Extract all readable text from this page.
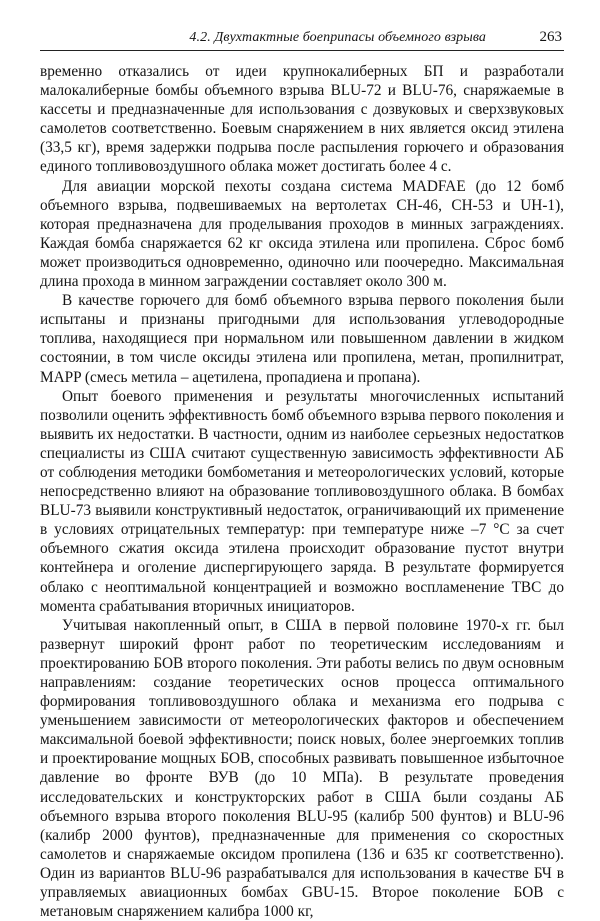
4.2. Двухтактные боеприпасы объемного взрыва	263

временно отказались от идеи крупнокалиберных БП и разработали малокалиберные бомбы объемного взрыва BLU-72 и BLU-76, снаряжаемые в кассеты и предназначенные для использования с дозвуковых и сверхзвуковых самолетов соответственно. Боевым снаряжением в них является оксид этилена (33,5 кг), время задержки подрыва после распыления горючего и образования единого топливовоздушного облака может достигать более 4 с.

Для авиации морской пехоты создана система MADFAE (до 12 бомб объемного взрыва, подвешиваемых на вертолетах CH-46, CH-53 и UH-1), которая предназначена для проделывания проходов в минных заграждениях. Каждая бомба снаряжается 62 кг оксида этилена или пропилена. Сброс бомб может производиться одновременно, одиночно или поочередно. Максимальная длина прохода в минном заграждении составляет около 300 м.

В качестве горючего для бомб объемного взрыва первого поколения были испытаны и признаны пригодными для использования углеводородные топлива, находящиеся при нормальном или повышенном давлении в жидком состоянии, в том числе оксиды этилена или пропилена, метан, пропилнитрат, MAPP (смесь метила – ацетилена, пропадиена и пропана).

Опыт боевого применения и результаты многочисленных испытаний позволили оценить эффективность бомб объемного взрыва первого поколения и выявить их недостатки. В частности, одним из наиболее серьезных недостатков специалисты из США считают существенную зависимость эффективности АБ от соблюдения методики бомбометания и метеорологических условий, которые непосредственно влияют на образование топливовоздушного облака. В бомбах BLU-73 выявили конструктивный недостаток, ограничивающий их применение в условиях отрицательных температур: при температуре ниже –7 °C за счет объемного сжатия оксида этилена происходит образование пустот внутри контейнера и оголение диспергирующего заряда. В результате формируется облако с неоптимальной концентрацией и возможно воспламенение ТВС до момента срабатывания вторичных инициаторов.

Учитывая накопленный опыт, в США в первой половине 1970-х гг. был развернут широкий фронт работ по теоретическим исследованиям и проектированию БОВ второго поколения. Эти работы велись по двум основным направлениям: создание теоретических основ процесса оптимального формирования топливовоздушного облака и механизма его подрыва с уменьшением зависимости от метеорологических факторов и обеспечением максимальной боевой эффективности; поиск новых, более энергоемких топлив и проектирование мощных БОВ, способных развивать повышенное избыточное давление во фронте ВУВ (до 10 МПа). В результате проведения исследовательских и конструкторских работ в США были созданы АБ объемного взрыва второго поколения BLU-95 (калибр 500 фунтов) и BLU-96 (калибр 2000 фунтов), предназначенные для применения со скоростных самолетов и снаряжаемые оксидом пропилена (136 и 635 кг соответственно). Один из вариантов BLU-96 разрабатывался для использования в качестве БЧ в управляемых авиационных бомбах GBU-15. Второе поколение БОВ с метановым снаряжением калибра 1000 кг,
